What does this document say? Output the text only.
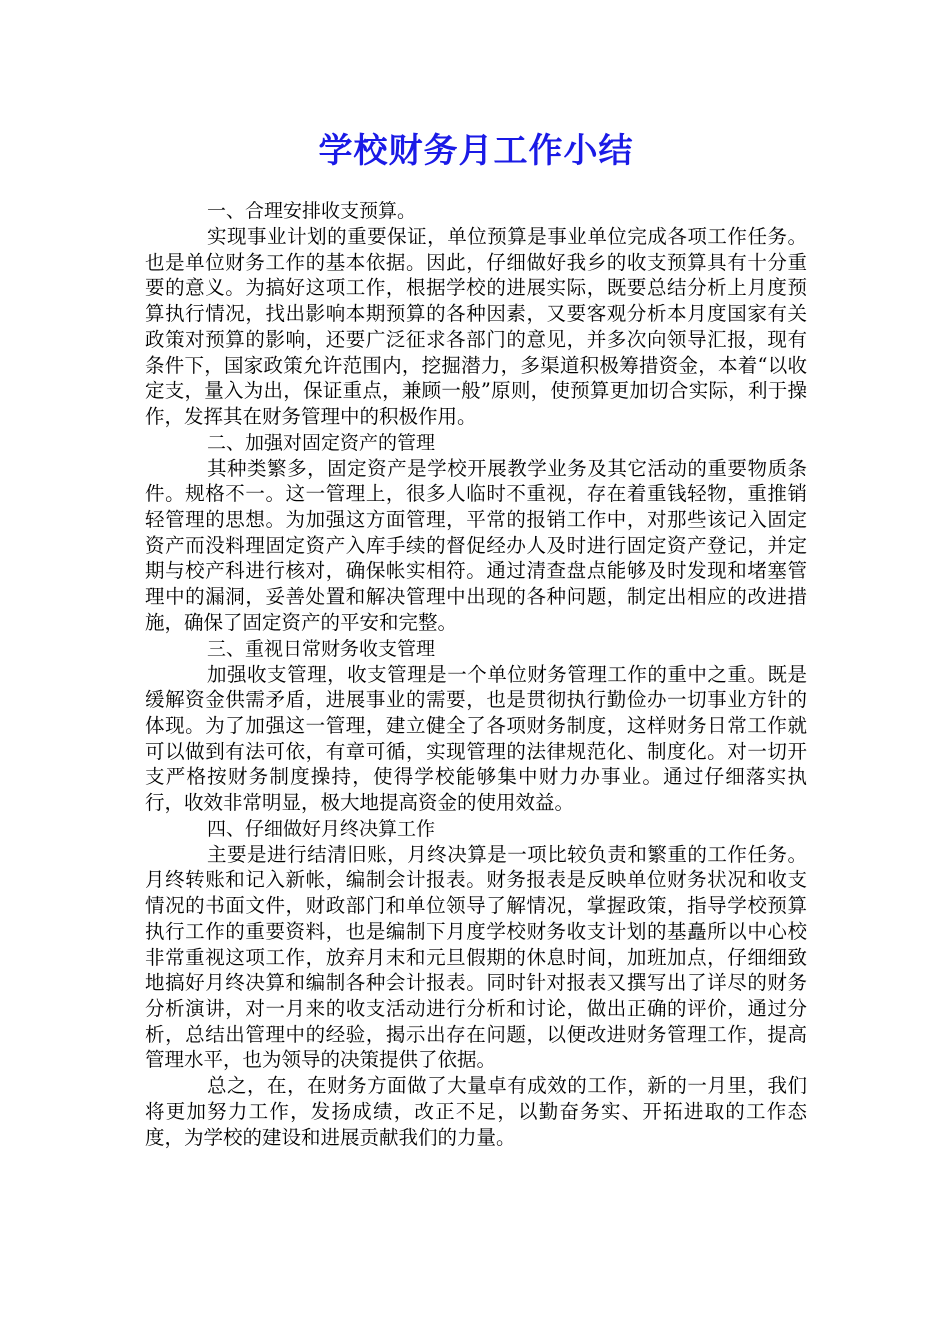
学校财务月工作小结

一、合理安排收支预算。

实现事业计划的重要保证，单位预算是事业单位完成各项工作任务。也是单位财务工作的基本依据。因此，仔细做好我乡的收支预算具有十分重要的意义。为搞好这项工作，根据学校的进展实际，既要总结分析上月度预算执行情况，找出影响本期预算的各种因素，又要客观分析本月度国家有关政策对预算的影响，还要广泛征求各部门的意见，并多次向领导汇报，现有条件下，国家政策允许范围内，挖掘潜力，多渠道积极筹措资金，本着“以收定支，量入为出，保证重点，兼顾一般”原则，使预算更加切合实际，利于操作，发挥其在财务管理中的积极作用。

二、加强对固定资产的管理

其种类繁多，固定资产是学校开展教学业务及其它活动的重要物质条件。规格不一。这一管理上，很多人临时不重视，存在着重钱轻物，重推销轻管理的思想。为加强这方面管理，平常的报销工作中，对那些该记入固定资产而没料理固定资产入库手续的督促经办人及时进行固定资产登记，并定期与校产科进行核对，确保帐实相符。通过清查盘点能够及时发现和堵塞管理中的漏洞，妥善处置和解决管理中出现的各种问题，制定出相应的改进措施，确保了固定资产的平安和完整。

三、重视日常财务收支管理

加强收支管理，收支管理是一个单位财务管理工作的重中之重。既是缓解资金供需矛盾，进展事业的需要，也是贯彻执行勤俭办一切事业方针的体现。为了加强这一管理，建立健全了各项财务制度，这样财务日常工作就可以做到有法可依，有章可循，实现管理的法律规范化、制度化。对一切开支严格按财务制度操持，使得学校能够集中财力办事业。通过仔细落实执行，收效非常明显，极大地提高资金的使用效益。

四、仔细做好月终决算工作

主要是进行结清旧账，月终决算是一项比较负责和繁重的工作任务。月终转账和记入新帐，编制会计报表。财务报表是反映单位财务状况和收支情况的书面文件，财政部门和单位领导了解情况，掌握政策，指导学校预算执行工作的重要资料，也是编制下月度学校财务收支计划的基矗所以中心校非常重视这项工作，放弃月末和元旦假期的休息时间，加班加点，仔细细致地搞好月终决算和编制各种会计报表。同时针对报表又撰写出了详尽的财务分析演讲，对一月来的收支活动进行分析和讨论，做出正确的评价，通过分析，总结出管理中的经验，揭示出存在问题，以便改进财务管理工作，提高管理水平，也为领导的决策提供了依据。

总之，在，在财务方面做了大量卓有成效的工作，新的一月里，我们将更加努力工作，发扬成绩，改正不足，以勤奋务实、开拓进取的工作态度，为学校的建设和进展贡献我们的力量。
